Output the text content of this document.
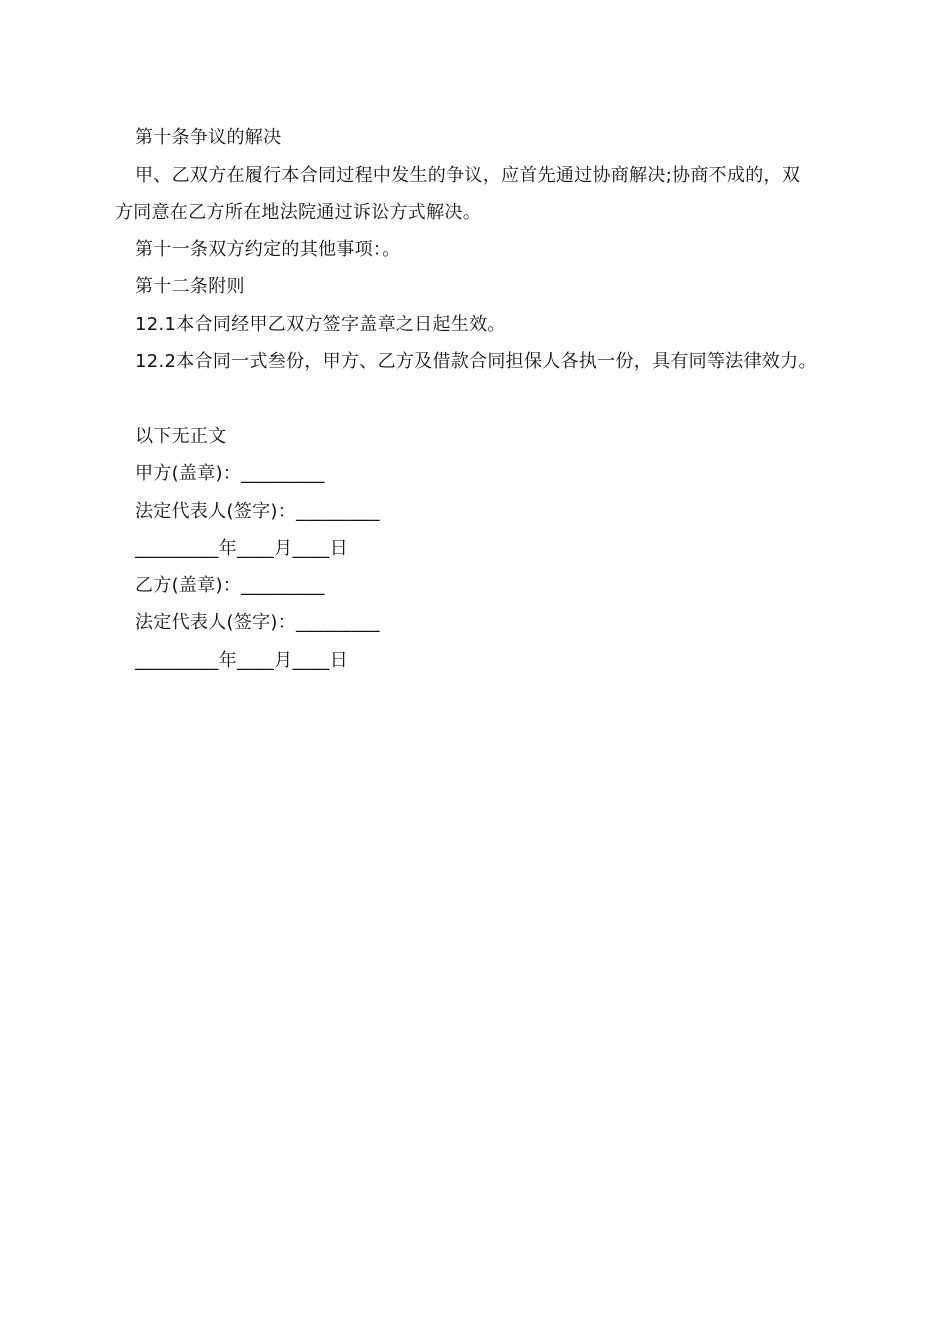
第十条争议的解决
甲、乙双方在履行本合同过程中发生的争议，应首先通过协商解决;协商不成的，双
方同意在乙方所在地法院通过诉讼方式解决。
第十一条双方约定的其他事项：。
第十二条附则
12.1本合同经甲乙双方签字盖章之日起生效。
12.2本合同一式叁份，甲方、乙方及借款合同担保人各执一份，具有同等法律效力。
以下无正文
甲方(盖章)：_________
法定代表人(签字)：_________
_________年____月____日
乙方(盖章)：_________
法定代表人(签字)：_________
_________年____月____日
